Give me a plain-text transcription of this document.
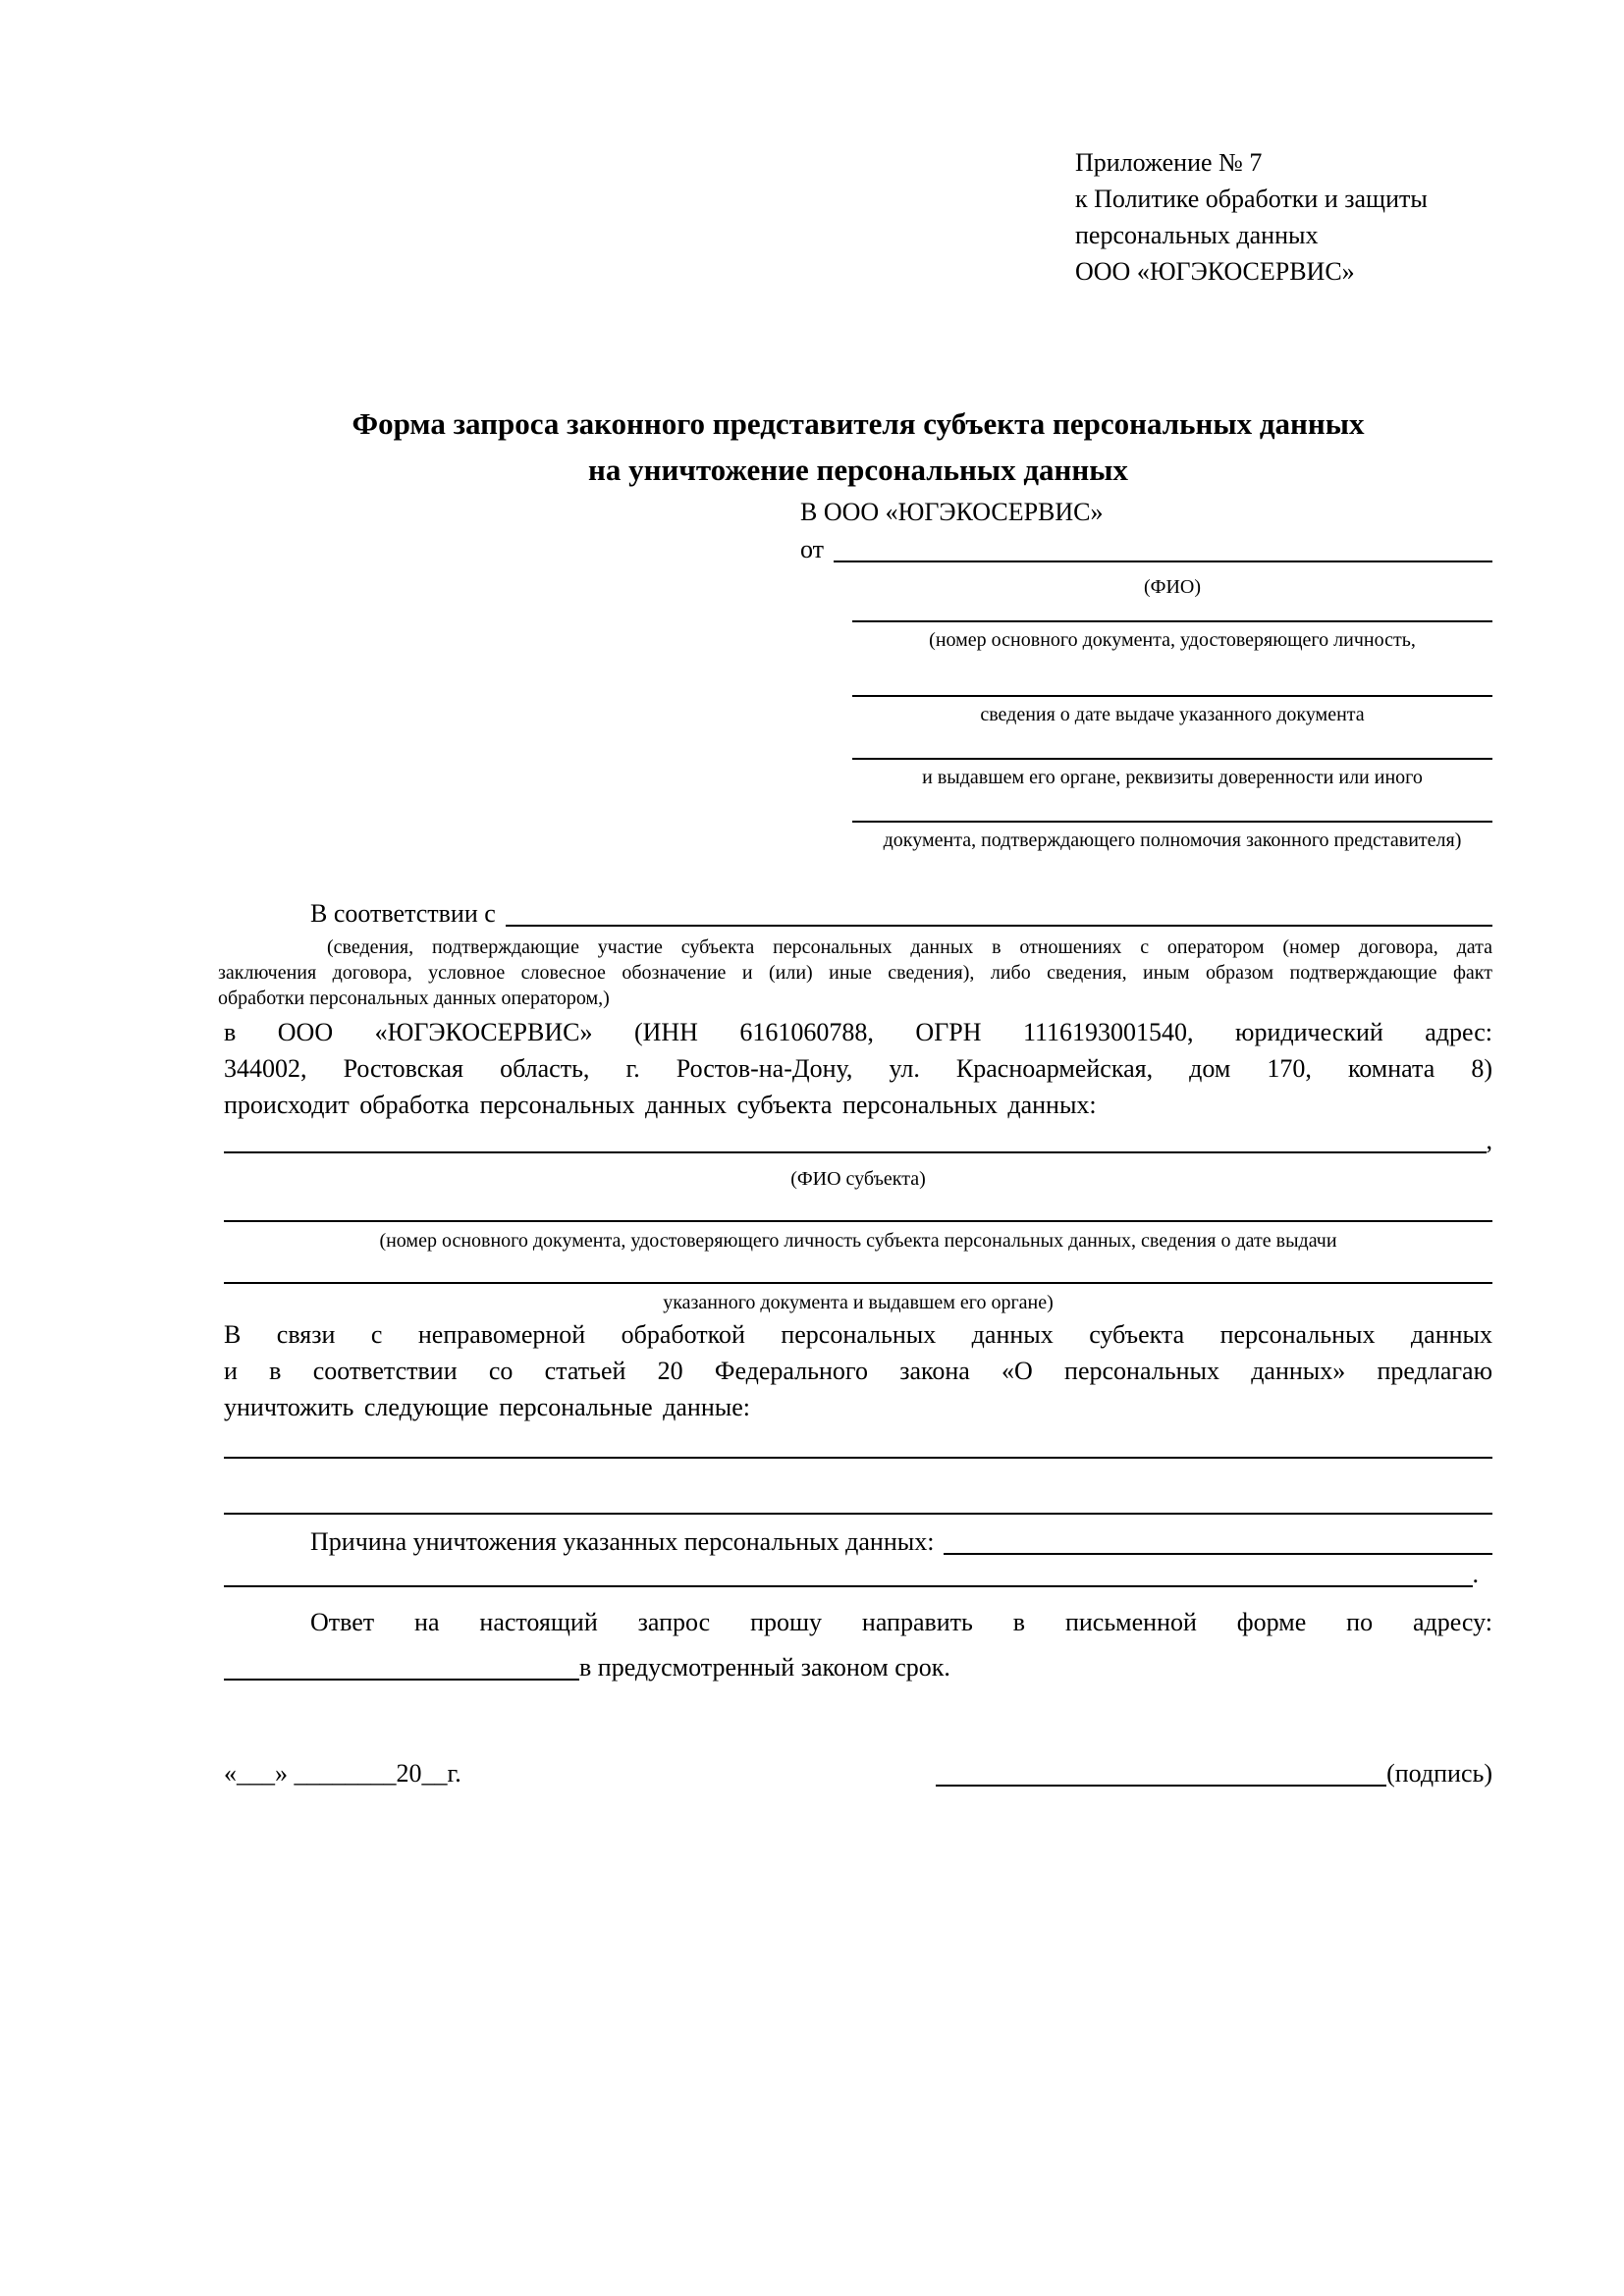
Приложение № 7
к Политике обработки и защиты
персональных данных
ООО «ЮГЭКОСЕРВИС»
Форма запроса законного представителя субъекта персональных данных
на уничтожение персональных данных
В ООО «ЮГЭКОСЕРВИС»
от
(ФИО)
(номер основного документа, удостоверяющего личность,
сведения о дате выдаче указанного документа
и выдавшем его органе, реквизиты доверенности или иного
документа, подтверждающего полномочия законного представителя)
В соответствии с
(сведения, подтверждающие участие субъекта персональных данных в отношениях с оператором (номер договора, дата
заключения договора, условное словесное обозначение и (или) иные сведения), либо сведения, иным образом подтверждающие факт
обработки персональных данных оператором,)
в ООО «ЮГЭКОСЕРВИС» (ИНН 6161060788, ОГРН 1116193001540, юридический адрес:
344002, Ростовская область, г. Ростов-на-Дону, ул. Красноармейская, дом 170, комната 8)
происходит обработка персональных данных субъекта персональных данных:
,
(ФИО субъекта)
(номер основного документа, удостоверяющего личность субъекта персональных данных, сведения о дате выдачи
указанного документа и выдавшем его органе)
В связи с неправомерной обработкой персональных данных субъекта персональных данных
и в соответствии со статьей 20 Федерального закона «О персональных данных» предлагаю
уничтожить следующие персональные данные:
Причина уничтожения указанных персональных данных:
.
Ответ на настоящий запрос прошу направить в письменной форме по адресу:
в предусмотренный законом срок.
«___» ________20__г.	(подпись)
